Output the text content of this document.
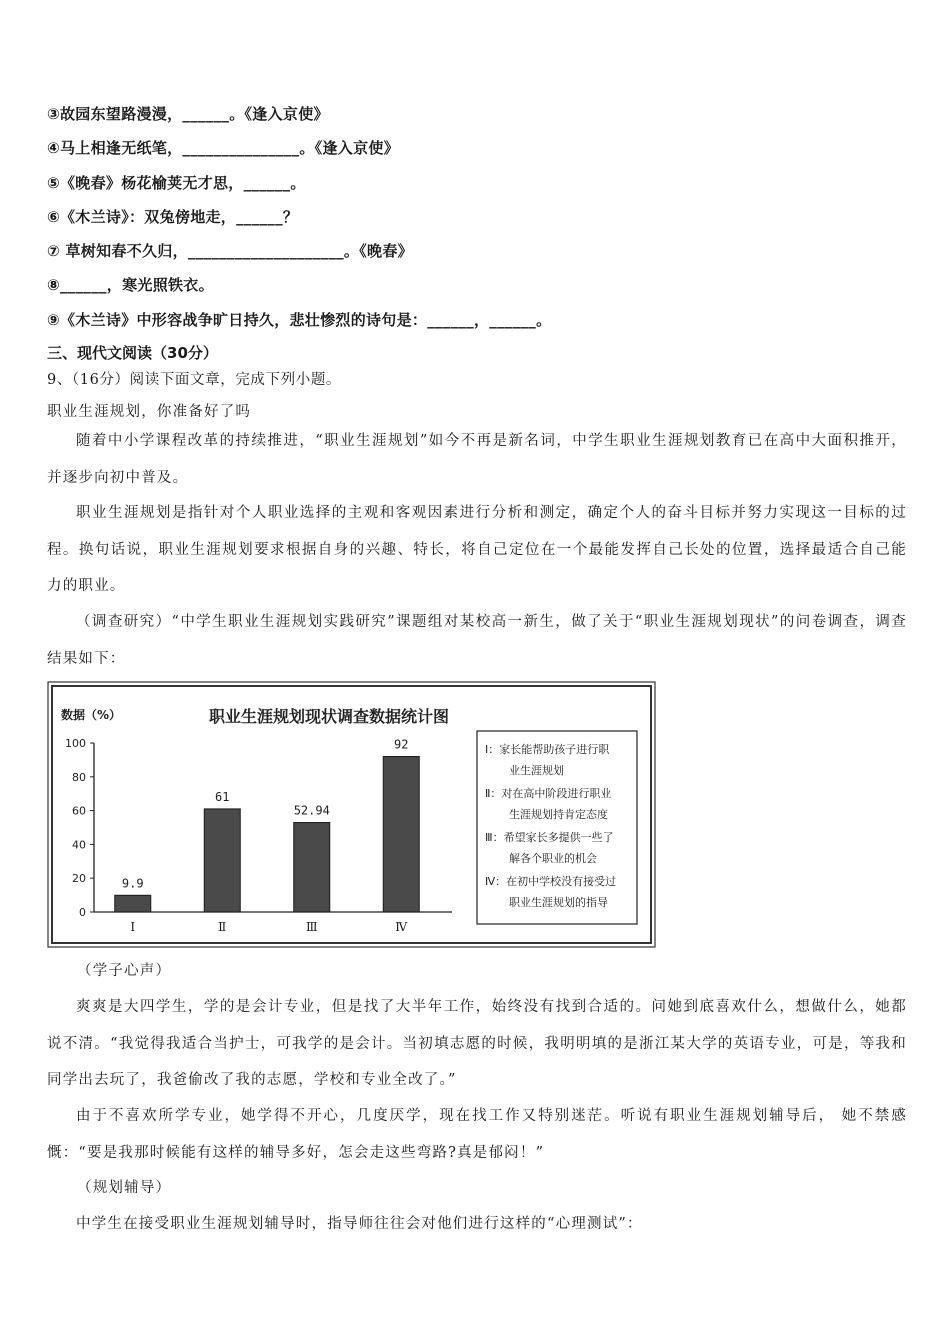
③故园东望路漫漫，______。《逢入京使》
④马上相逢无纸笔，_______________。《逢入京使》
⑤《晚春》杨花榆荚无才思，______。
⑥《木兰诗》：双兔傍地走，______？
⑦ 草树知春不久归，____________________。《晚春》
⑧______，寒光照铁衣。
⑨《木兰诗》中形容战争旷日持久，悲壮惨烈的诗句是：______，______。
三、现代文阅读（30分）
9、（16分）阅读下面文章，完成下列小题。
职业生涯规划，你准备好了吗
随着中小学课程改革的持续推进，“职业生涯规划”如今不再是新名词，中学生职业生涯规划教育已在高中大面积推开，并逐步向初中普及。
职业生涯规划是指针对个人职业选择的主观和客观因素进行分析和测定，确定个人的奋斗目标并努力实现这一目标的过程。换句话说，职业生涯规划要求根据自身的兴趣、特长，将自己定位在一个最能发挥自己长处的位置，选择最适合自己能力的职业。
（调查研究）“中学生职业生涯规划实践研究”课题组对某校高一新生，做了关于“职业生涯规划现状”的问卷调查，调查结果如下：
数据（%）	职业生涯规划现状调查数据统计图
0
20
40
60
80
100
Ⅰ	Ⅱ	Ⅲ	Ⅳ
9.9
61
52.94
92	Ⅰ：家长能帮助孩子进行职
业生涯规划
Ⅱ：对在高中阶段进行职业
生涯规划持肯定态度
Ⅲ：希望家长多提供一些了
解各个职业的机会
Ⅳ：在初中学校没有接受过
职业生涯规划的指导
（学子心声）
爽爽是大四学生，学的是会计专业，但是找了大半年工作，始终没有找到合适的。问她到底喜欢什么，想做什么，她都说不清。“我觉得我适合当护士，可我学的是会计。当初填志愿的时候，我明明填的是浙江某大学的英语专业，可是，等我和同学出去玩了，我爸偷改了我的志愿，学校和专业全改了。”
由于不喜欢所学专业，她学得不开心，几度厌学，现在找工作又特别迷茫。听说有职业生涯规划辅导后， 她不禁感慨：“要是我那时候能有这样的辅导多好，怎会走这些弯路?真是郁闷！”
（规划辅导）
中学生在接受职业生涯规划辅导时，指导师往往会对他们进行这样的“心理测试”：
